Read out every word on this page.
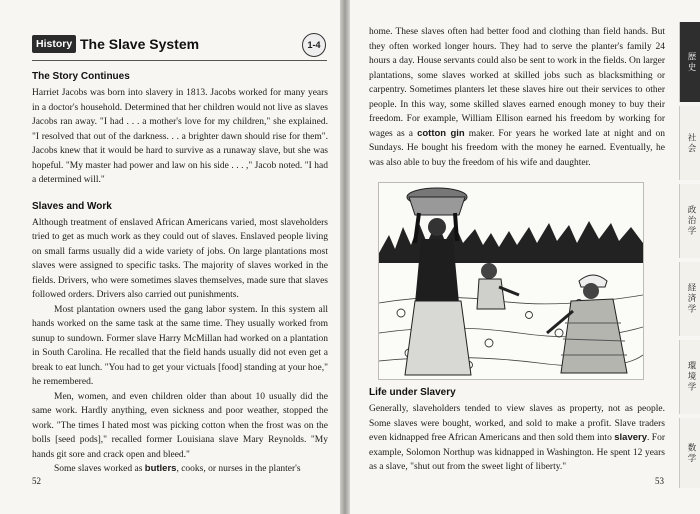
History The Slave System	1-4
The Story Continues

Harriet Jacobs was born into slavery in 1813. Jacobs worked for many years in a doctor's household. Determined that her children would not live as slaves Jacobs ran away. "I had . . . a mother's love for my children," she explained. "I resolved that out of the darkness. . . a brighter dawn should rise for them". Jacobs knew that it would be hard to survive as a runaway slave, but she was hopeful. "My master had power and law on his side . . . ," Jacob noted. "I had a determined will."

Slaves and Work

Although treatment of enslaved African Americans varied, most slaveholders tried to get as much work as they could out of slaves. Enslaved people living on small farms usually did a wide variety of jobs. On large plantations most slaves were assigned to specific tasks. The majority of slaves worked in the fields. Drivers, who were sometimes slaves themselves, made sure that slaves followed orders. Drivers also carried out punishments.

Most plantation owners used the gang labor system. In this system all hands worked on the same task at the same time. They usually worked from sunup to sundown. Former slave Harry McMillan had worked on a plantation in South Carolina. He recalled that the field hands usually did not even get a break to eat lunch. "You had to get your victuals [food] standing at your hoe," he remembered.

Men, women, and even children older than about 10 usually did the same work. Hardly anything, even sickness and poor weather, stopped the work. "The times I hated most was picking cotton when the frost was on the bolls [seed pods]," recalled former Louisiana slave Mary Reynolds. "My hands git sore and crack open and bleed."

Some slaves worked as butlers, cooks, or nurses in the planter's

52

home. These slaves often had better food and clothing than field hands. But they often worked longer hours. They had to serve the planter's family 24 hours a day. House servants could also be sent to work in the fields. On larger plantations, some slaves worked at skilled jobs such as blacksmithing or carpentry. Sometimes planters let these slaves hire out their services to other people. In this way, some skilled slaves earned enough money to buy their freedom. For example, William Ellison earned his freedom by working for wages as a cotton gin maker. For years he worked late at night and on Sundays. He bought his freedom with the money he earned. Eventually, he was also able to buy the freedom of his wife and daughter.

Life under Slavery

Generally, slaveholders tended to view slaves as property, not as people. Some slaves were bought, worked, and sold to make a profit. Slave traders even kidnapped free African Americans and then sold them into slavery. For example, Solomon Northup was kidnapped in Washington. He spent 12 years as a slave, "shut out from the sweet light of liberty."

53
歴史
社会
政治学
経済学
環境学
数学
